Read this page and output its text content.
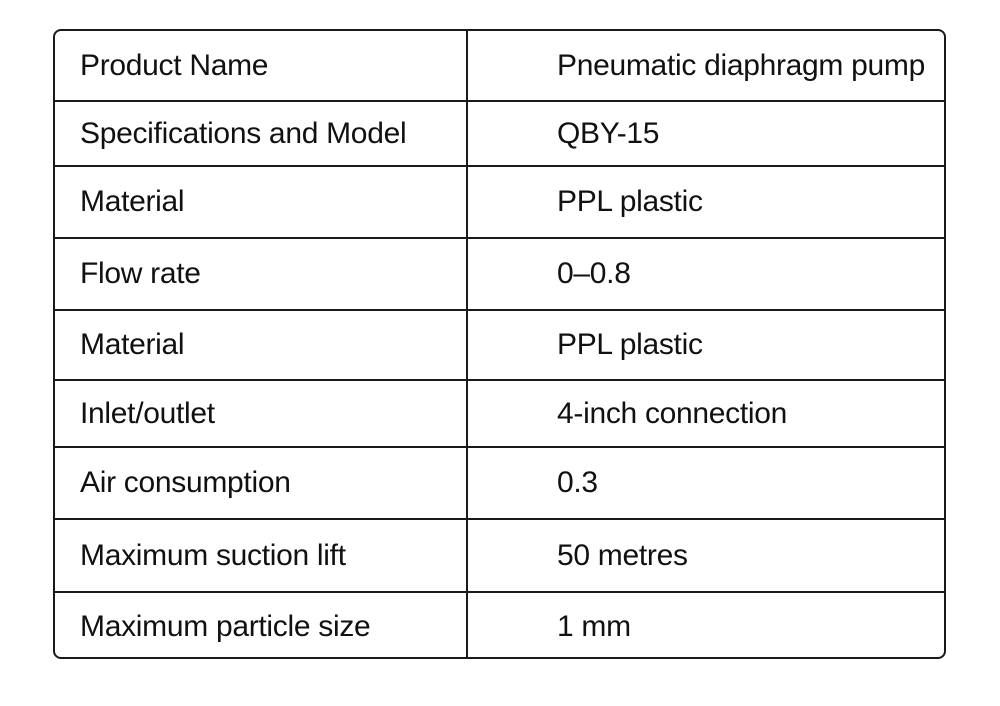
Product Name	Pneumatic diaphragm pump
Specifications and Model	QBY-15
Material	PPL plastic
Flow rate	0–0.8
Material	PPL plastic
Inlet/outlet	4-inch connection
Air consumption	0.3
Maximum suction lift	50 metres
Maximum particle size	1 mm
